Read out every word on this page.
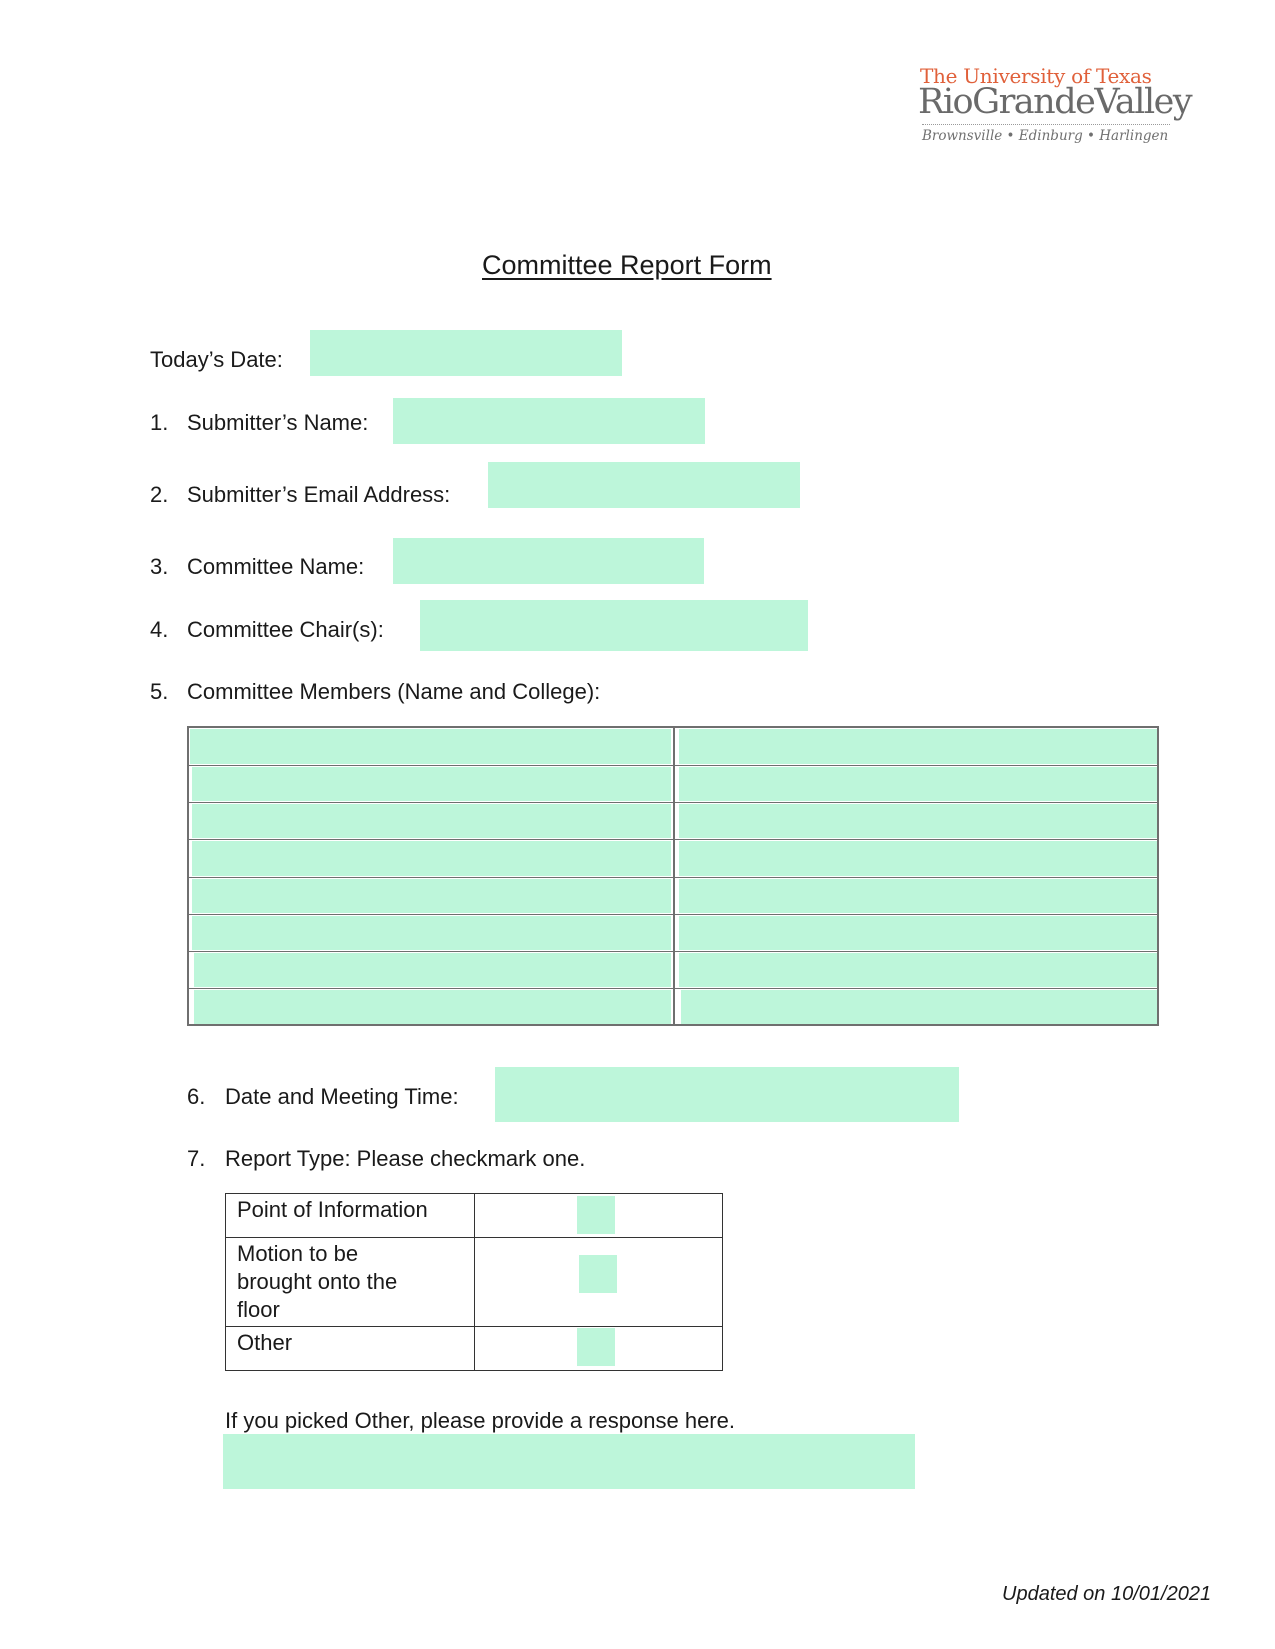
The University of Texas
RioGrandeValley
Brownsville • Edinburg • Harlingen
Committee Report Form
Today’s Date:
1. Submitter’s Name:
2. Submitter’s Email Address:
3. Committee Name:
4. Committee Chair(s):
5. Committee Members (Name and College):
6. Date and Meeting Time:
7. Report Type: Please checkmark one.
Point of Information	

Motion to be brought onto the floor	

Other	
If you picked Other, please provide a response here.
Updated on 10/01/2021
